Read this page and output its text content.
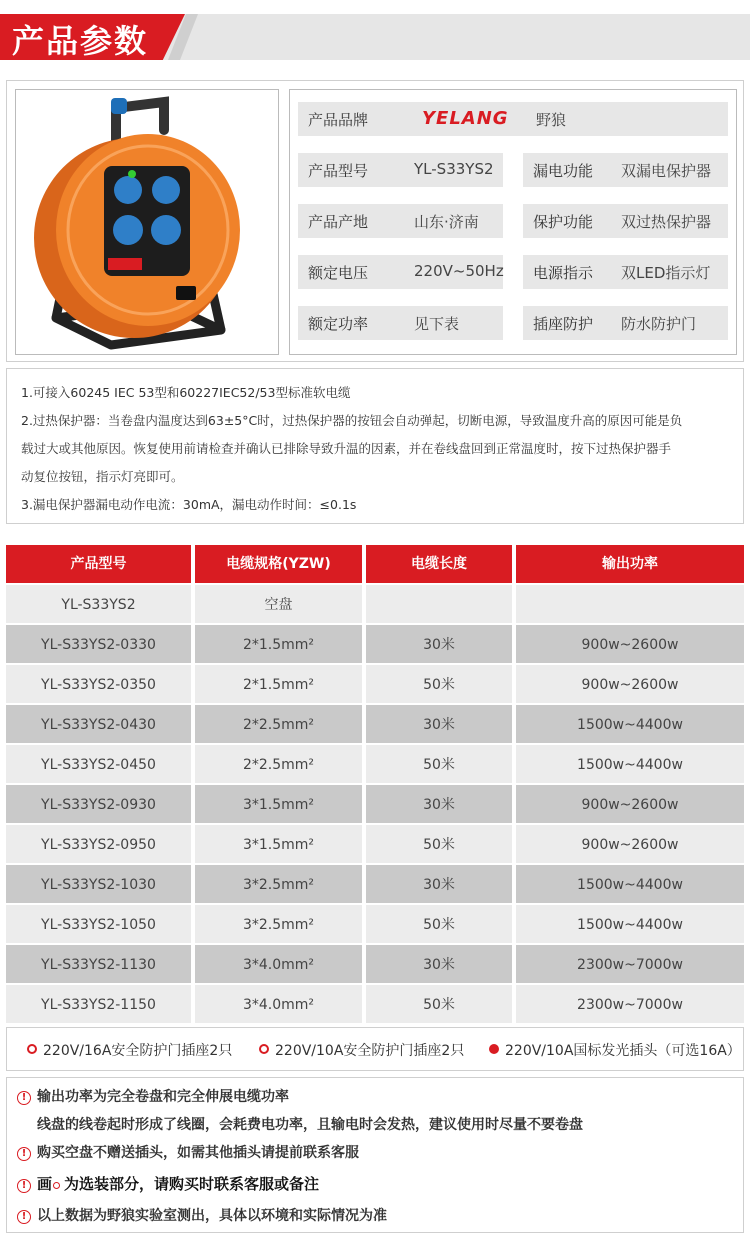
产品参数
产品品牌	YELANG 野狼
产品型号	YL-S33YS2	漏电功能 双漏电保护器
产品产地	山东·济南	保护功能 双过热保护器
额定电压	220V~50Hz 电源指示 双LED指示灯
额定功率	见下表	插座防护 防水防护门
1.可接入60245 IEC 53型和60227IEC52/53型标准软电缆
2.过热保护器：当卷盘内温度达到63±5°C时，过热保护器的按钮会自动弹起，切断电源，导致温度升高的原因可能是负
载过大或其他原因。恢复使用前请检查并确认已排除导致升温的因素，并在卷线盘回到正常温度时，按下过热保护器手
动复位按钮，指示灯亮即可。
3.漏电保护器漏电动作电流：30mA，漏电动作时间：≤0.1s
产品型号	电缆规格(YZW)	电缆长度	输出功率
YL-S33YS2	空盘
YL-S33YS2-0330	2*1.5mm²	30米	900w~2600w
YL-S33YS2-0350	2*1.5mm²	50米	900w~2600w
YL-S33YS2-0430	2*2.5mm²	30米	1500w~4400w
YL-S33YS2-0450	2*2.5mm²	50米	1500w~4400w
YL-S33YS2-0930	3*1.5mm²	30米	900w~2600w
YL-S33YS2-0950	3*1.5mm²	50米	900w~2600w
YL-S33YS2-1030	3*2.5mm²	30米	1500w~4400w
YL-S33YS2-1050	3*2.5mm²	50米	1500w~4400w
YL-S33YS2-1130	3*4.0mm²	30米	2300w~7000w
YL-S33YS2-1150	3*4.0mm²	50米	2300w~7000w
220V/16A安全防护门插座2只	220V/10A安全防护门插座2只	220V/10A国标发光插头（可选16A）
! 输出功率为完全卷盘和完全伸展电缆功率
线盘的线卷起时形成了线圈，会耗费电功率，且输电时会发热，建议使用时尽量不要卷盘
! 购买空盘不赠送插头，如需其他插头请提前联系客服
! 画 为选装部分，请购买时联系客服或备注
! 以上数据为野狼实验室测出，具体以环境和实际情况为准
